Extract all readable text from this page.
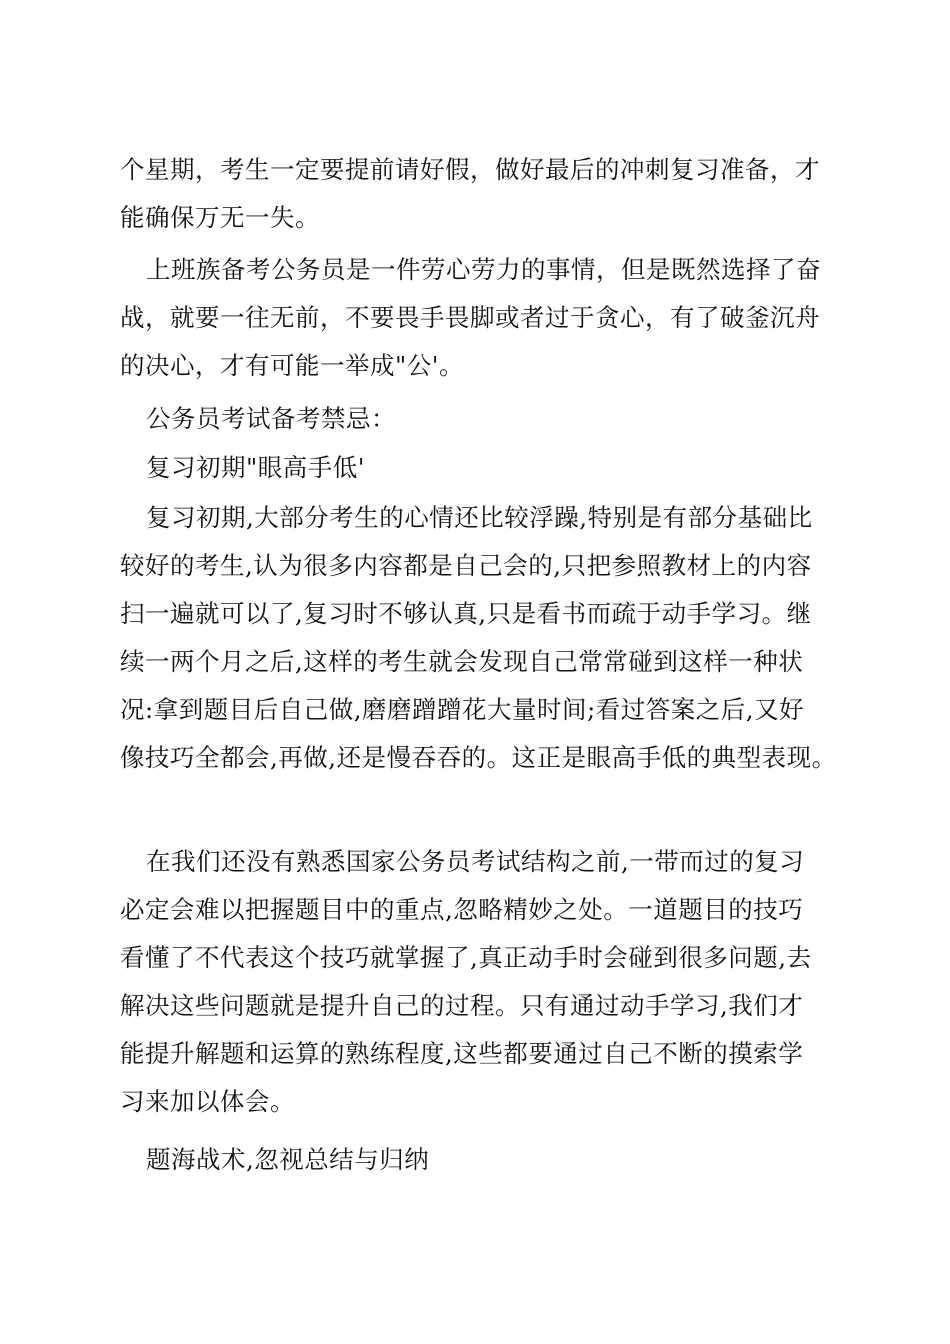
个星期，考生一定要提前请好假，做好最后的冲刺复习准备，才
能确保万无一失。

上班族备考公务员是一件劳心劳力的事情，但是既然选择了奋
战，就要一往无前，不要畏手畏脚或者过于贪心，有了破釜沉舟
的决心，才有可能一举成"公'。

公务员考试备考禁忌：

复习初期"眼高手低'

复习初期,大部分考生的心情还比较浮躁,特别是有部分基础比
较好的考生,认为很多内容都是自己会的,只把参照教材上的内容
扫一遍就可以了,复习时不够认真,只是看书而疏于动手学习。继
续一两个月之后,这样的考生就会发现自己常常碰到这样一种状
况:拿到题目后自己做,磨磨蹭蹭花大量时间;看过答案之后,又好
像技巧全都会,再做,还是慢吞吞的。这正是眼高手低的典型表现。

在我们还没有熟悉国家公务员考试结构之前,一带而过的复习
必定会难以把握题目中的重点,忽略精妙之处。一道题目的技巧
看懂了不代表这个技巧就掌握了,真正动手时会碰到很多问题,去
解决这些问题就是提升自己的过程。只有通过动手学习,我们才
能提升解题和运算的熟练程度,这些都要通过自己不断的摸索学
习来加以体会。

题海战术,忽视总结与归纳
